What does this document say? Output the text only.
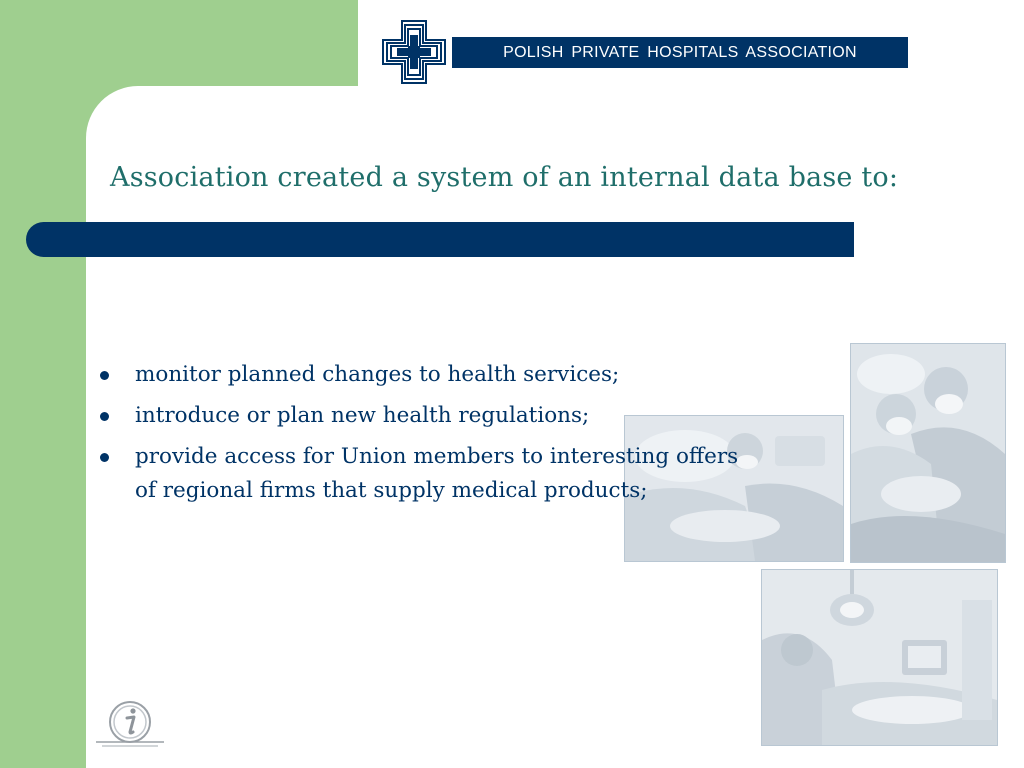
POLISH PRIVATE HOSPITALS ASSOCIATION
Association created a system of an internal data base to:
monitor planned changes to health services;
introduce or plan new health regulations;
provide access for Union members to interesting offers
of regional firms that supply medical products;
